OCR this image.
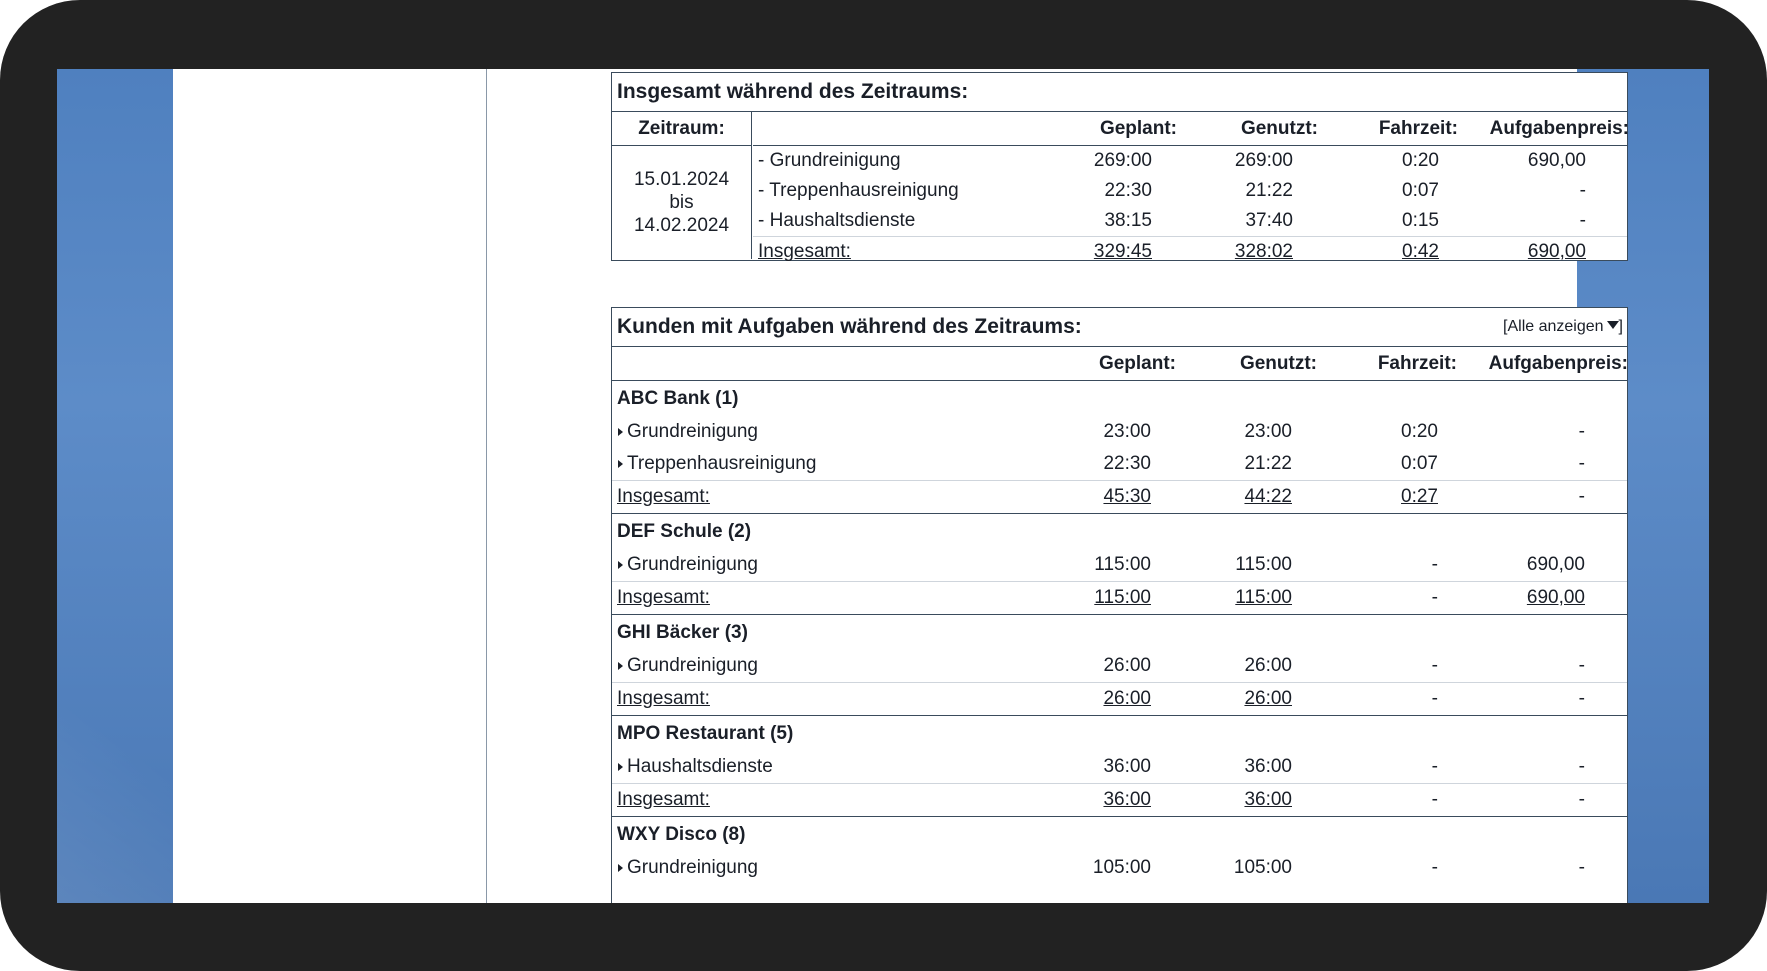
Insgesamt während des Zeitraums:
Zeitraum:
15.01.2024
bis
14.02.2024
Geplant:	Genutzt:	Fahrzeit: Aufgabenpreis:
- Grundreinigung	269:00	269:00	0:20	690,00
- Treppenhausreinigung	22:30	21:22	0:07	-
- Haushaltsdienste	38:15	37:40	0:15	-
Insgesamt:	329:45	328:02	0:42	690,00
Kunden mit Aufgaben während des Zeitraums:	[Alle anzeigen ]
Geplant:	Genutzt:	Fahrzeit: Aufgabenpreis:
ABC Bank (1)
Grundreinigung	23:00	23:00	0:20	-
Treppenhausreinigung	22:30	21:22	0:07	-
Insgesamt:	45:30	44:22	0:27	-
DEF Schule (2)
Grundreinigung	115:00	115:00	-	690,00
Insgesamt:	115:00	115:00	-	690,00
GHI Bäcker (3)
Grundreinigung	26:00	26:00	-	-
Insgesamt:	26:00	26:00	-	-
MPO Restaurant (5)
Haushaltsdienste	36:00	36:00	-	-
Insgesamt:	36:00	36:00	-	-
WXY Disco (8)
Grundreinigung	105:00	105:00	-	-
